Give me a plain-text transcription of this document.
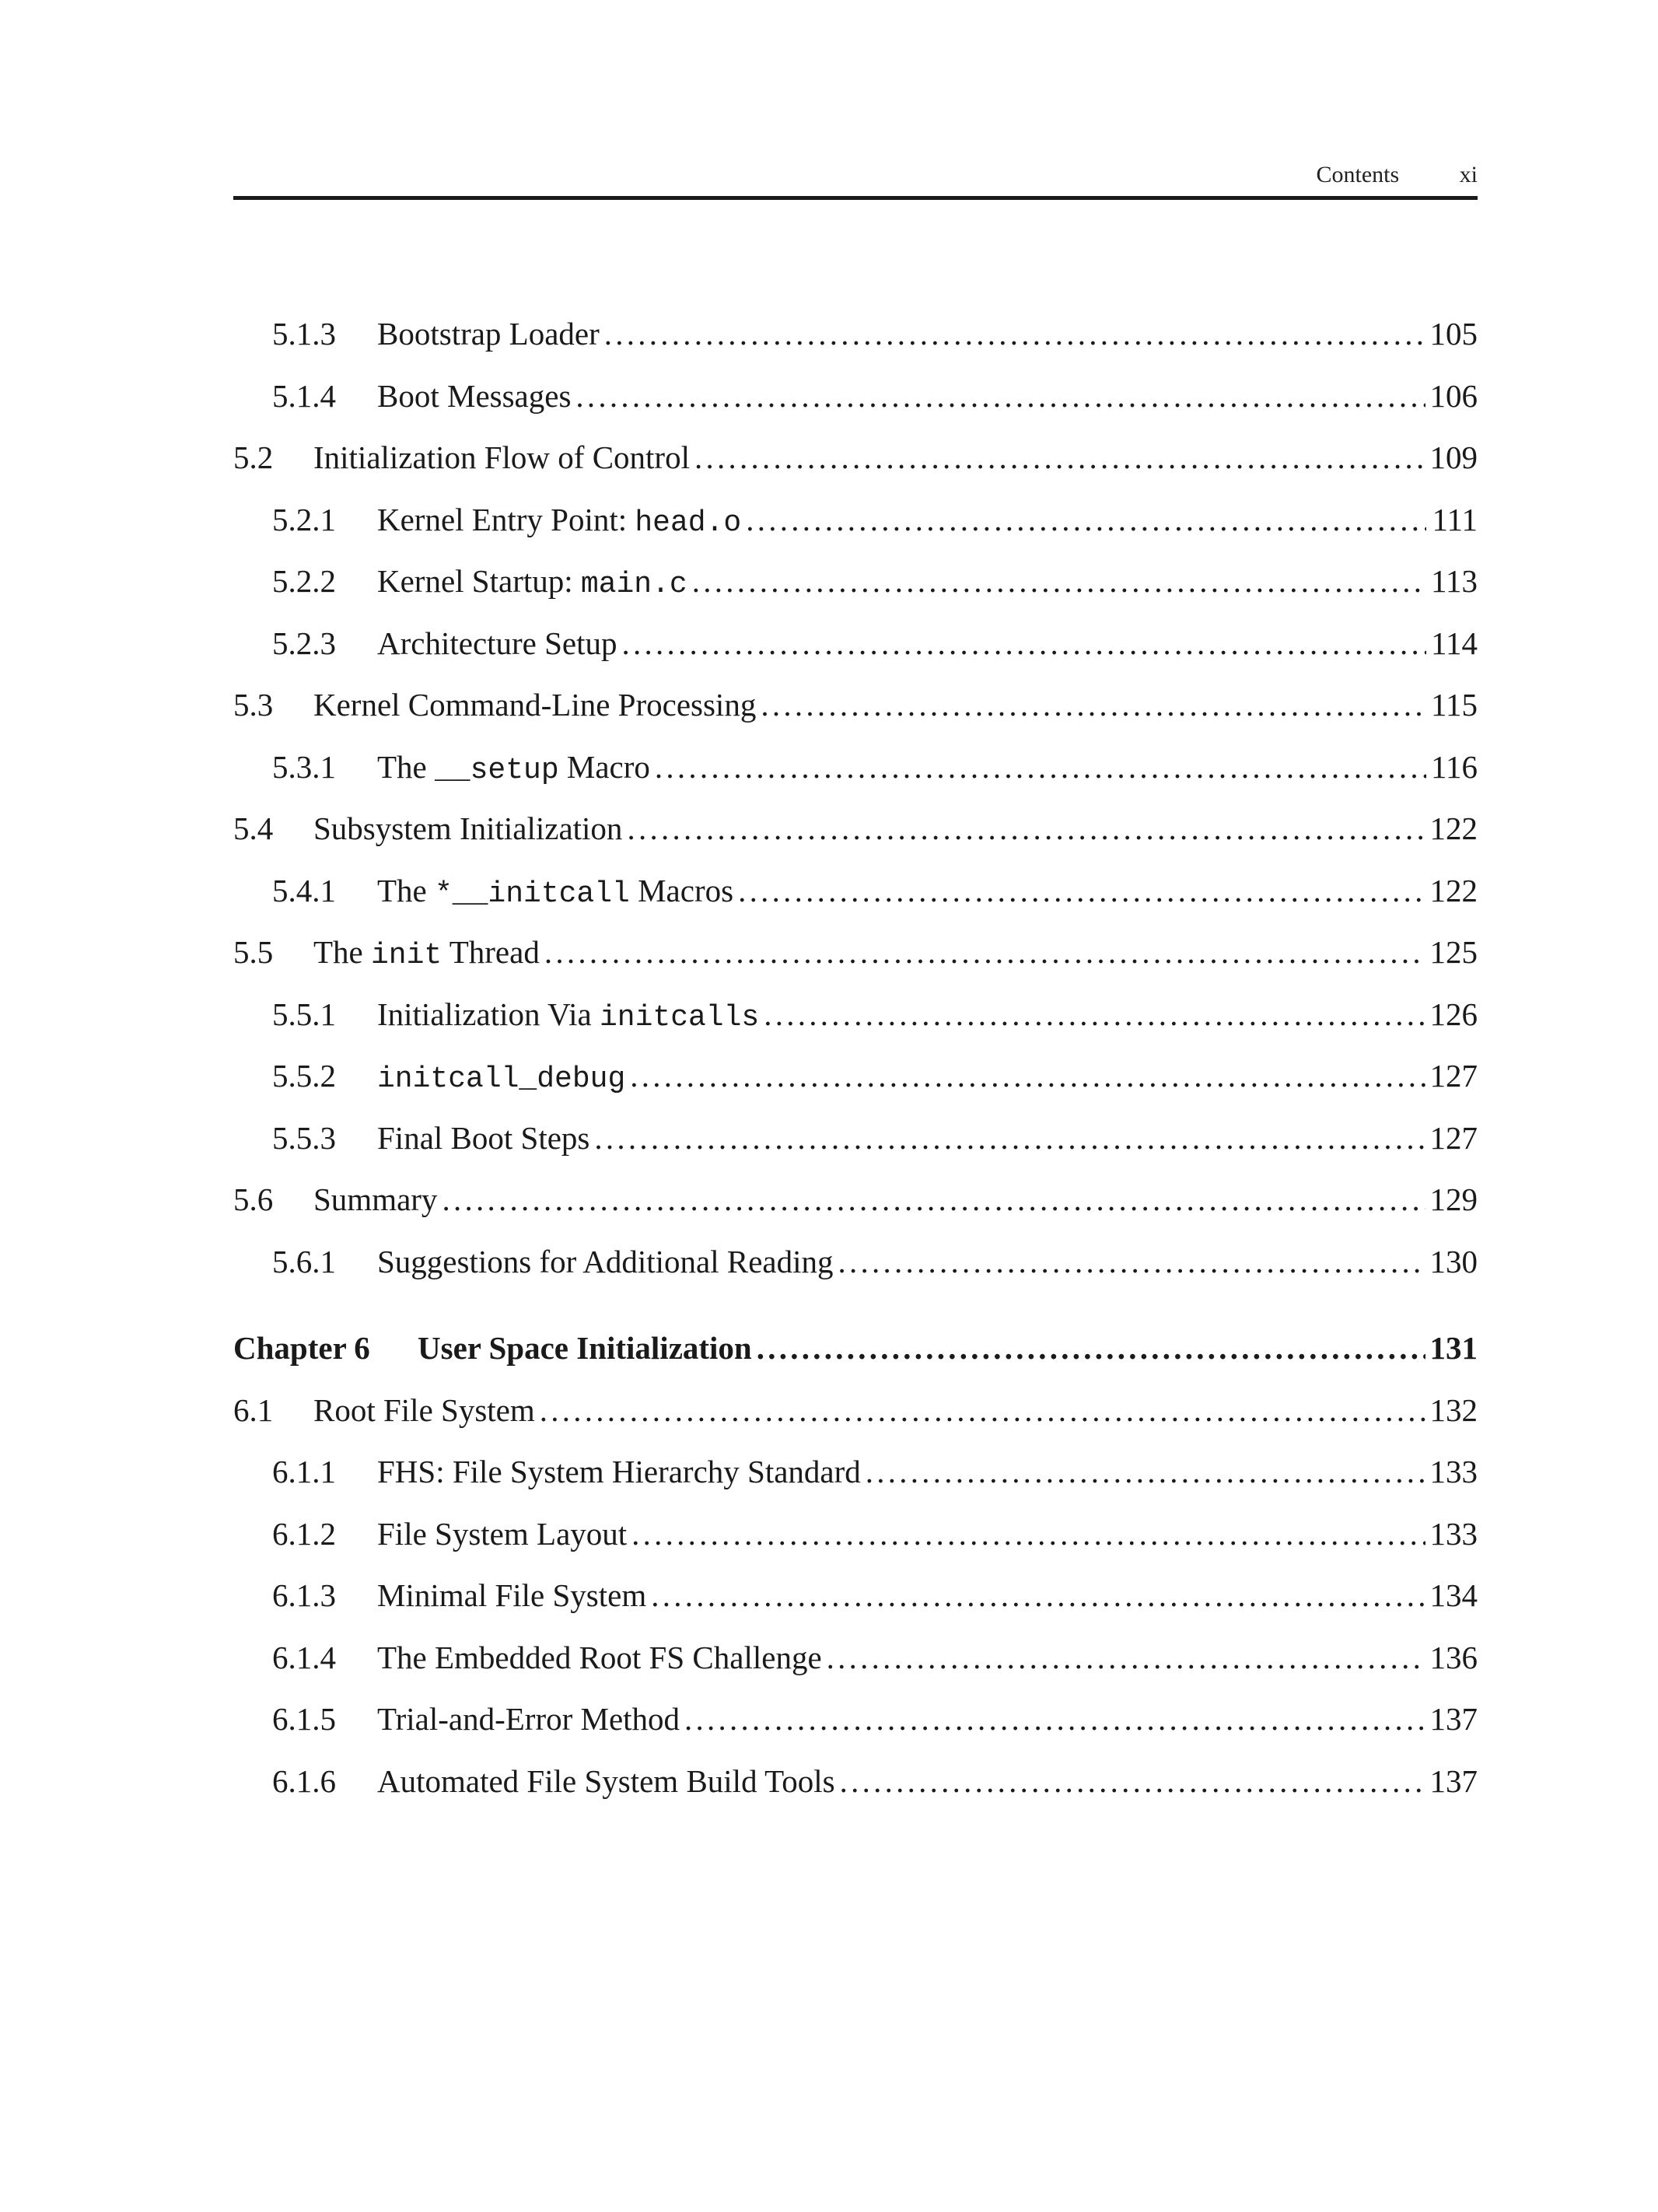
Contents	xi
5.1.3	Bootstrap Loader . . .	105
5.1.4	Boot Messages . . .	106
5.2	Initialization Flow of Control . . .	109
5.2.1	Kernel Entry Point: head.o . . .	111
5.2.2	Kernel Startup: main.c . . .	113
5.2.3	Architecture Setup . . .	114
5.3	Kernel Command-Line Processing . . .	115
5.3.1	The __setup Macro . . .	116
5.4	Subsystem Initialization . . .	122
5.4.1	The *__initcall Macros . . .	122
5.5	The init Thread . . .	125
5.5.1	Initialization Via initcalls . . .	126
5.5.2	initcall_debug . . .	127
5.5.3	Final Boot Steps . . .	127
5.6	Summary . . .	129
5.6.1	Suggestions for Additional Reading . . .	130
Chapter 6	User Space Initialization . . .	131
6.1	Root File System . . .	132
6.1.1	FHS: File System Hierarchy Standard . . .	133
6.1.2	File System Layout . . .	133
6.1.3	Minimal File System . . .	134
6.1.4	The Embedded Root FS Challenge . . .	136
6.1.5	Trial-and-Error Method . . .	137
6.1.6	Automated File System Build Tools . . .	137
